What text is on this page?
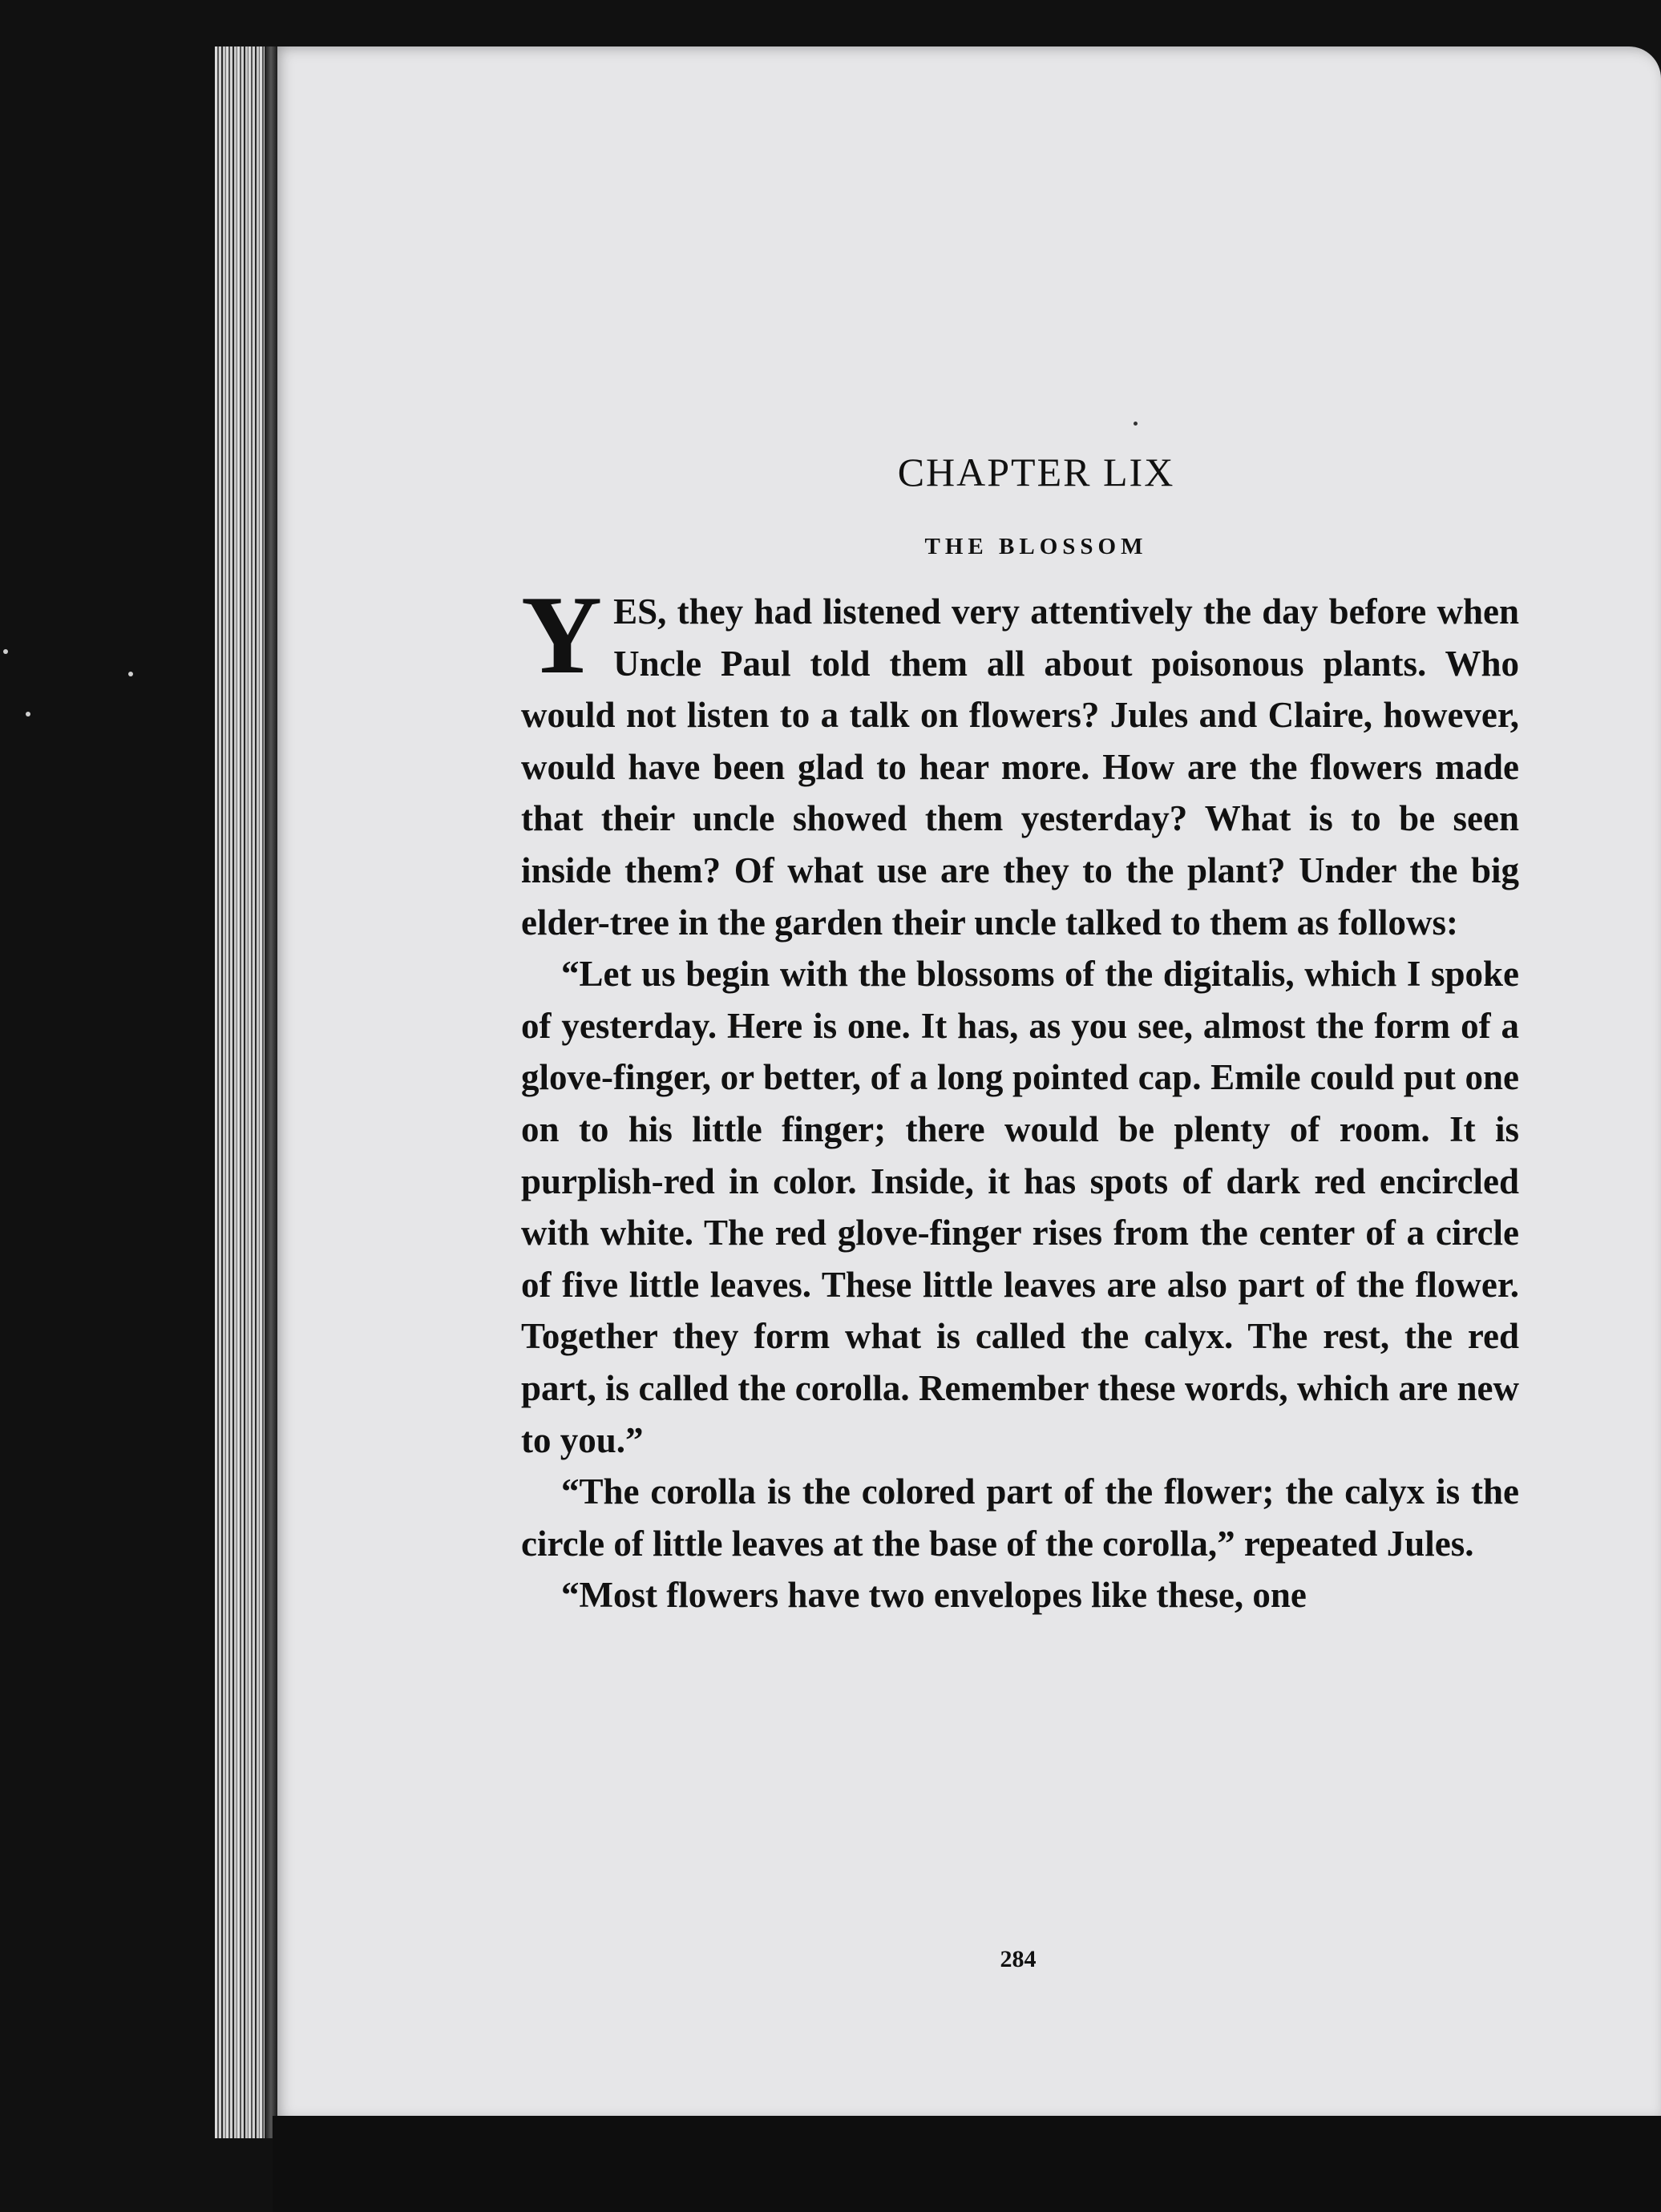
CHAPTER LIX
THE BLOSSOM

YES, they had listened very attentively the day before when Uncle Paul told them all about poisonous plants. Who would not listen to a talk on flowers? Jules and Claire, however, would have been glad to hear more. How are the flowers made that their uncle showed them yesterday? What is to be seen inside them? Of what use are they to the plant? Under the big elder-tree in the garden their uncle talked to them as follows:

“Let us begin with the blossoms of the digitalis, which I spoke of yesterday. Here is one. It has, as you see, almost the form of a glove-finger, or better, of a long pointed cap. Emile could put one on to his little finger; there would be plenty of room. It is purplish-red in color. Inside, it has spots of dark red encircled with white. The red glove-finger rises from the center of a circle of five little leaves. These little leaves are also part of the flower. Together they form what is called the calyx. The rest, the red part, is called the corolla. Remember these words, which are new to you.”

“The corolla is the colored part of the flower; the calyx is the circle of little leaves at the base of the corolla,” repeated Jules.

“Most flowers have two envelopes like these, one

284
